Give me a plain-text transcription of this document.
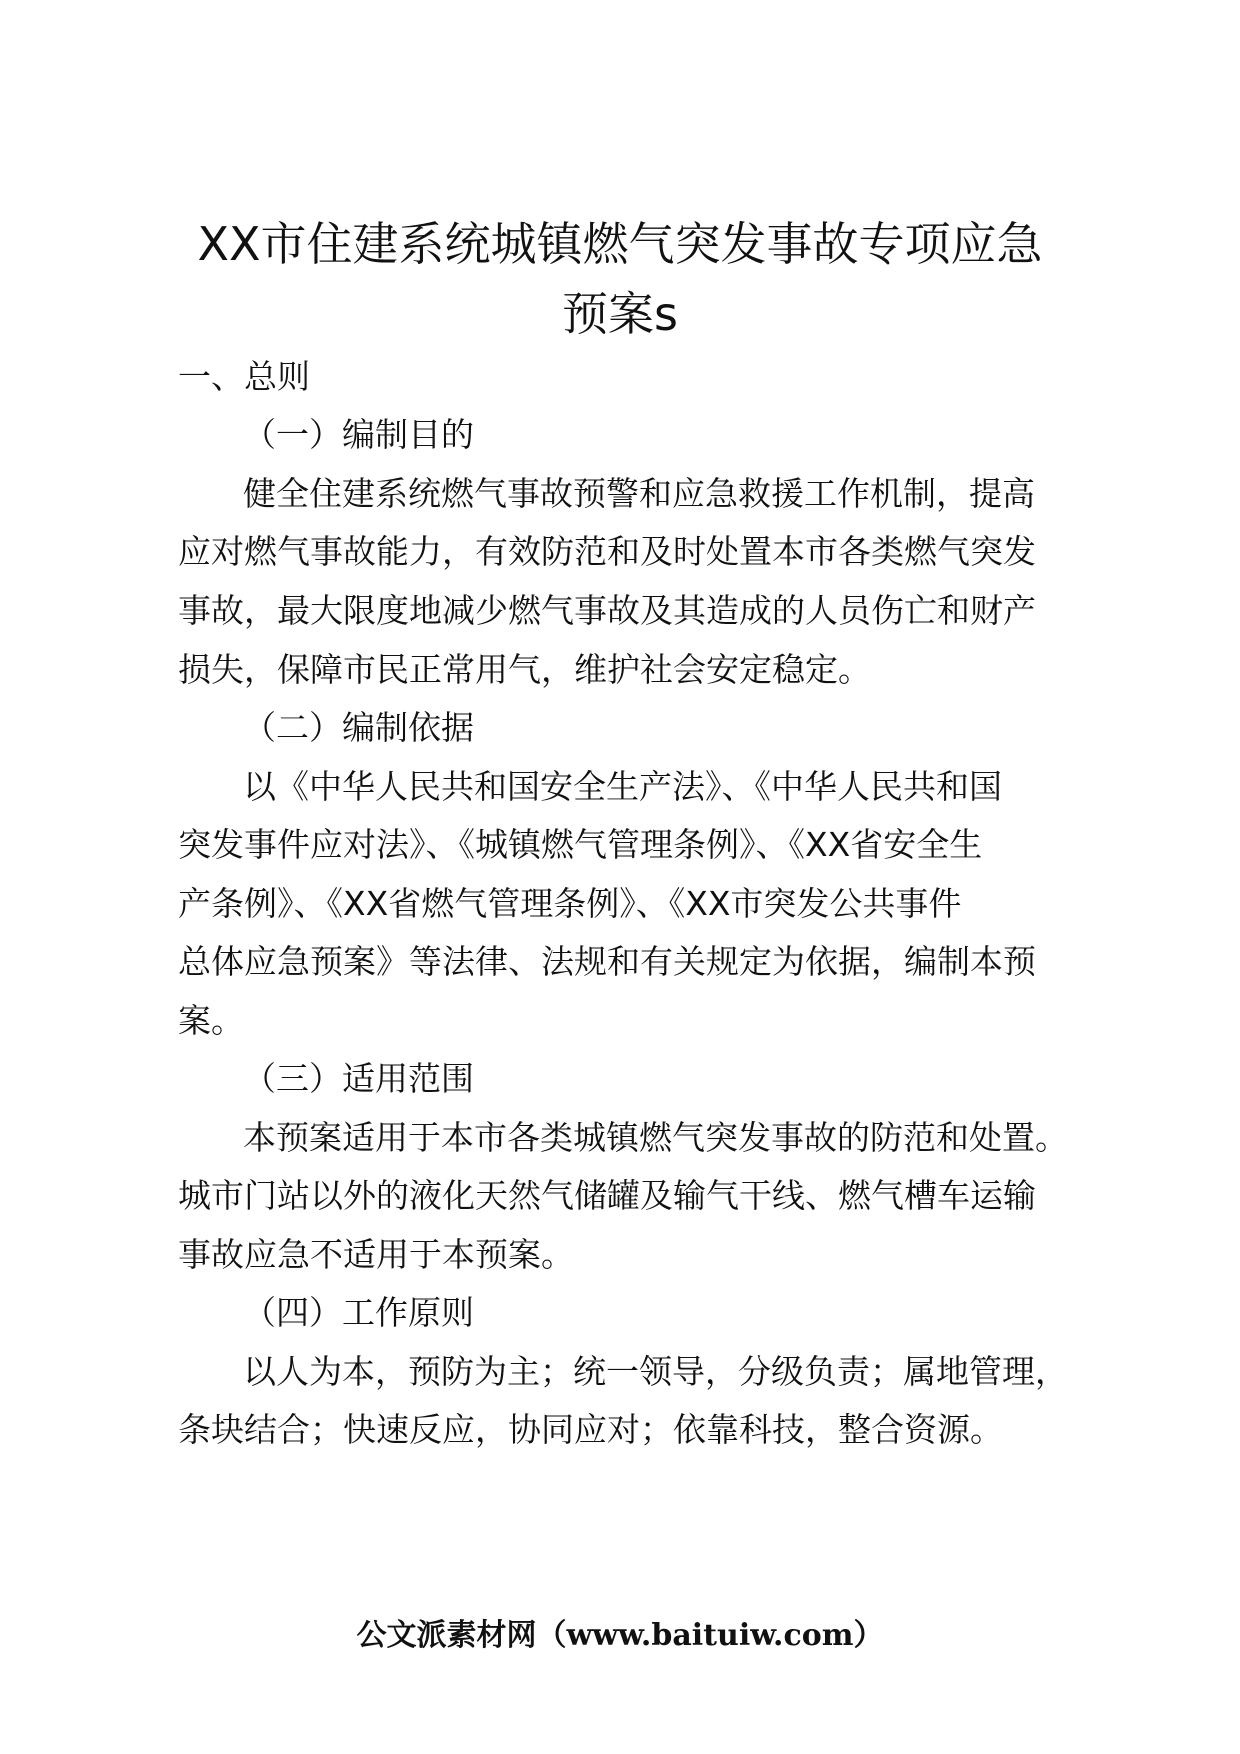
XX市住建系统城镇燃气突发事故专项应急
预案s

一、总则

（一）编制目的

健全住建系统燃气事故预警和应急救援工作机制，提高

应对燃气事故能力，有效防范和及时处置本市各类燃气突发

事故，最大限度地减少燃气事故及其造成的人员伤亡和财产

损失，保障市民正常用气，维护社会安定稳定。

（二）编制依据

以《中华人民共和国安全生产法》、《中华人民共和国

突发事件应对法》、《城镇燃气管理条例》、《XX省安全生

产条例》、《XX省燃气管理条例》、《XX市突发公共事件

总体应急预案》等法律、法规和有关规定为依据，编制本预

案。

（三）适用范围

本预案适用于本市各类城镇燃气突发事故的防范和处置。

城市门站以外的液化天然气储罐及输气干线、燃气槽车运输

事故应急不适用于本预案。

（四）工作原则

以人为本，预防为主；统一领导，分级负责；属地管理，

条块结合；快速反应，协同应对；依靠科技，整合资源。

公文派素材网（www.baituiw.com）
